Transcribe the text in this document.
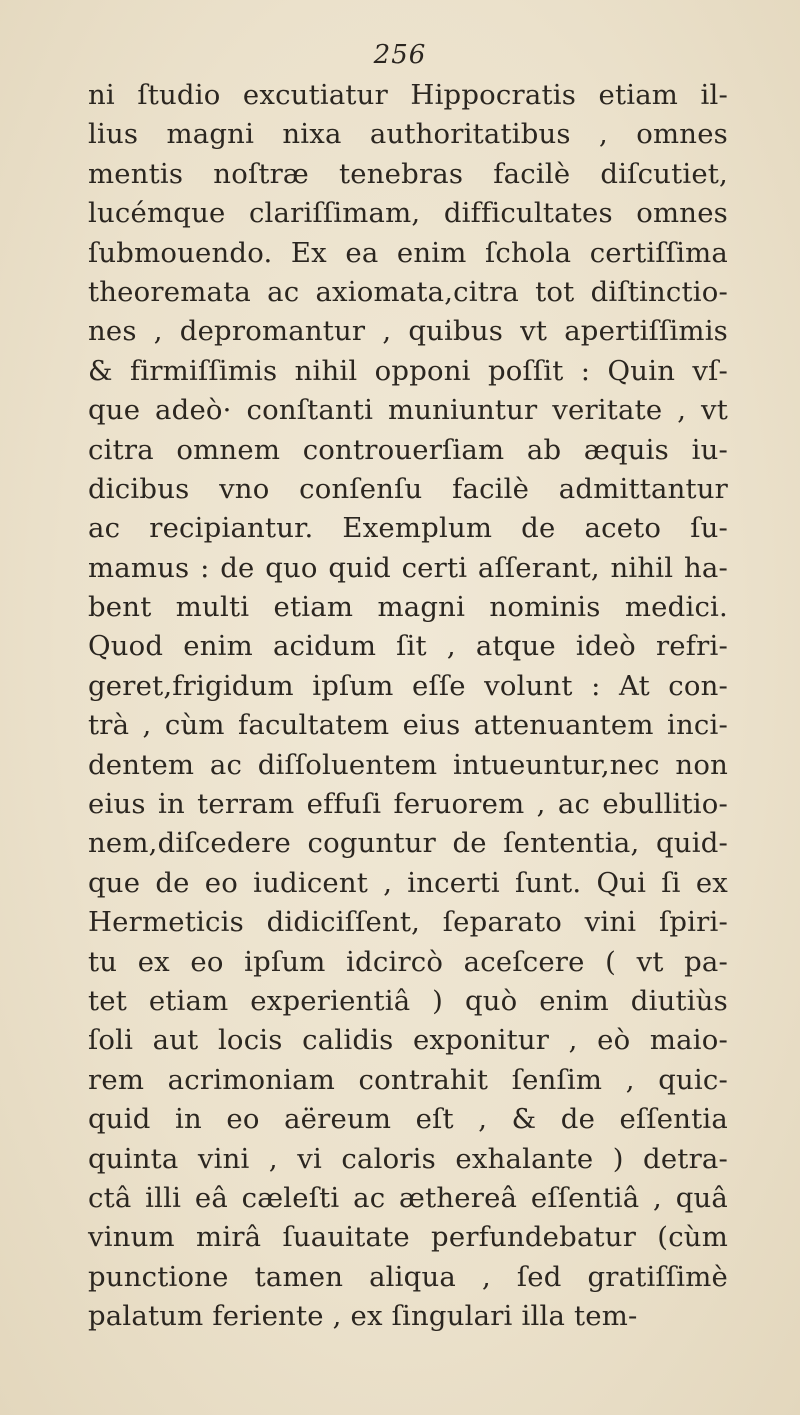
256
ni ſtudio excutiatur Hippocratis etiam il-
lius magni nixa authoritatibus , omnes
mentis noſtræ tenebras facilè diſcutiet,
lucémque clariſſimam, difficultates omnes
ſubmouendo. Ex ea enim ſchola certiſſima
theoremata ac axiomata,citra tot diſtinctio-
nes , depromantur , quibus vt apertiſſimis
& firmiſſimis nihil opponi poſſit : Quin vſ-
que adeò· conſtanti muniuntur veritate , vt
citra omnem controuerſiam ab æquis iu-
dicibus vno conſenſu facilè admittantur
ac recipiantur. Exemplum de aceto ſu-
mamus : de quo quid certi aſſerant, nihil ha-
bent multi etiam magni nominis medici.
Quod enim acidum ſit , atque ideò refri-
geret,frigidum ipſum eſſe volunt : At con-
trà , cùm facultatem eius attenuantem inci-
dentem ac diſſoluentem intueuntur,nec non
eius in terram effuſi feruorem , ac ebullitio-
nem,diſcedere coguntur de ſententia, quid-
que de eo iudicent , incerti ſunt. Qui ſi ex
Hermeticis didiciſſent, ſeparato vini ſpiri-
tu ex eo ipſum idcircò aceſcere ( vt pa-
tet etiam experientiâ ) quò enim diutiùs
ſoli aut locis calidis exponitur , eò maio-
rem acrimoniam contrahit ſenſim , quic-
quid in eo aëreum eſt , & de eſſentia
quinta vini , vi caloris exhalante ) detra-
ctâ illi eâ cæleſti ac æthereâ eſſentiâ , quâ
vinum mirâ ſuauitate perfundebatur (cùm
punctione tamen aliqua , ſed gratiſſimè
palatum feriente , ex ſingulari illa tem-
